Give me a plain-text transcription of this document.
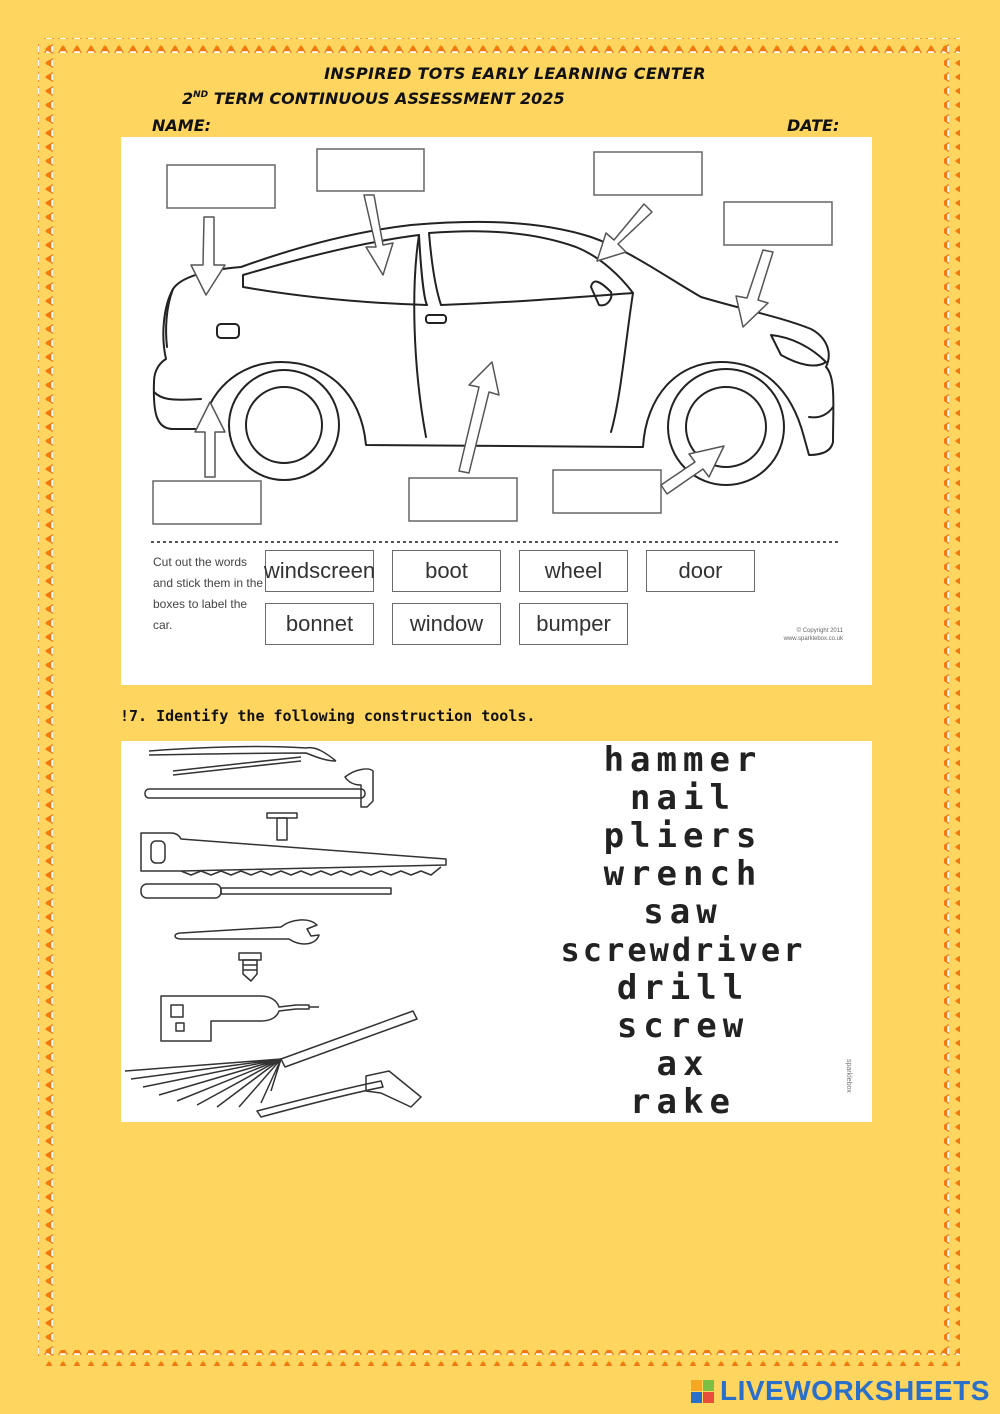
INSPIRED TOTS EARLY LEARNING CENTER
2ND TERM CONTINUOUS ASSESSMENT 2025
NAME:	DATE:
Cut out the words and stick them in the boxes to label the car.
windscreen	boot	wheel	door
bonnet	window	bumper	© Copyright 2011 www.sparklebox.co.uk
!7. Identify the following construction tools.
hammer
nail
pliers
wrench
saw
screwdriver
drill
screw
ax
rake
sparklebox
LIVEWORKSHEETS
